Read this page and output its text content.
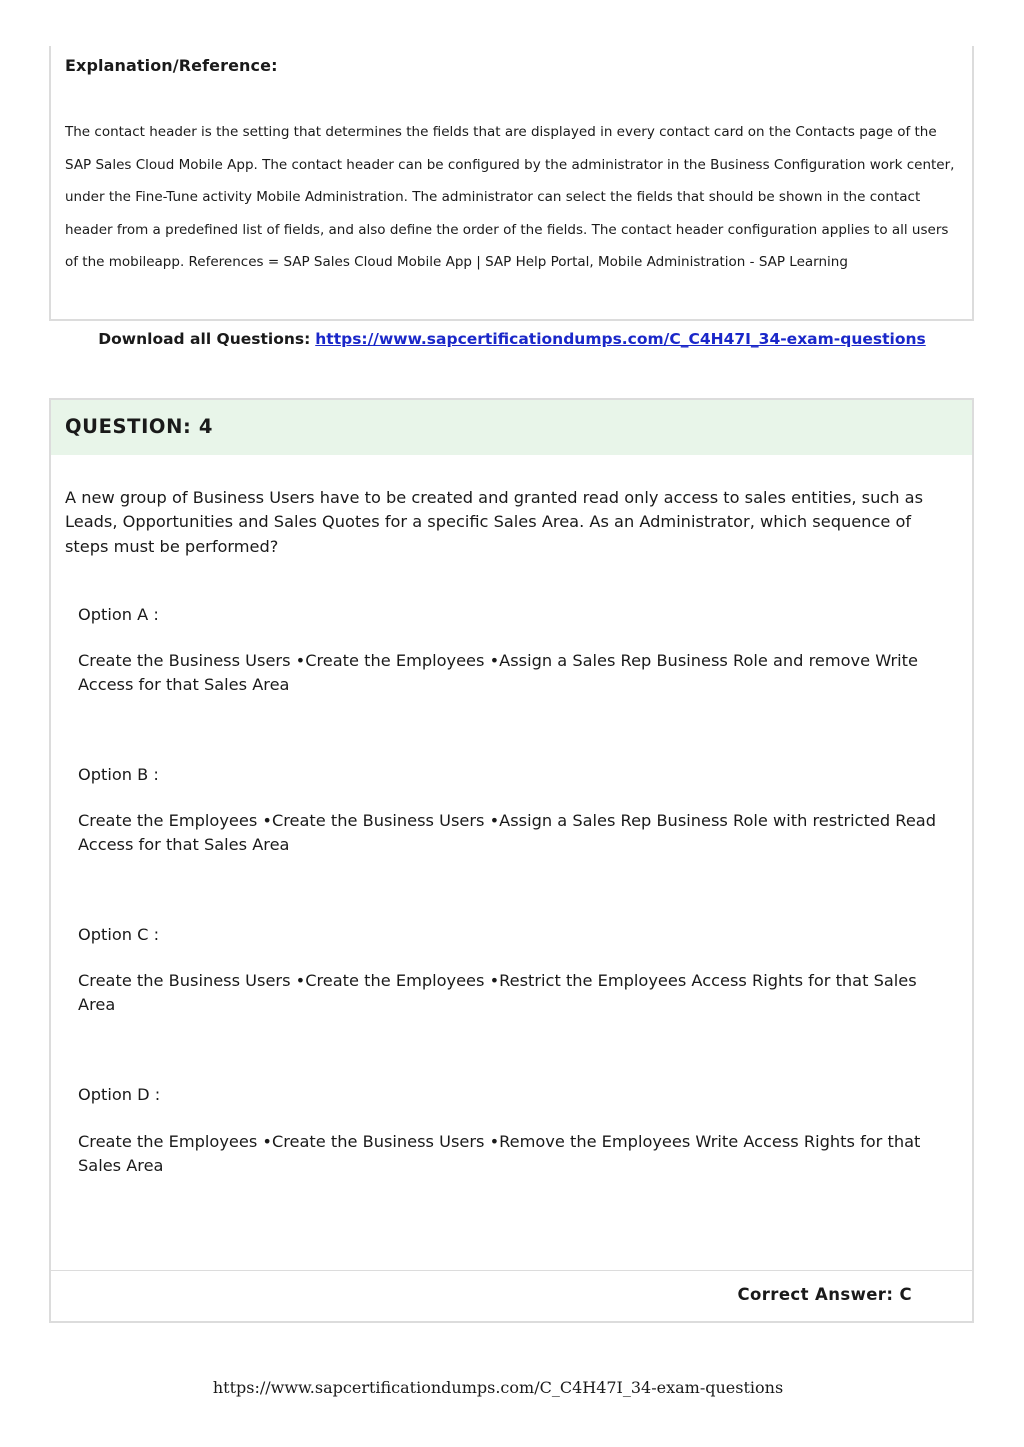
Explanation/Reference:
The contact header is the setting that determines the fields that are displayed in every contact card on the Contacts page of the SAP Sales Cloud Mobile App. The contact header can be configured by the administrator in the Business Configuration work center, under the Fine-Tune activity Mobile Administration. The administrator can select the fields that should be shown in the contact header from a predefined list of fields, and also define the order of the fields. The contact header configuration applies to all users of the mobileapp. References = SAP Sales Cloud Mobile App | SAP Help Portal, Mobile Administration - SAP Learning
Download all Questions: https://www.sapcertificationdumps.com/C_C4H47I_34-exam-questions
QUESTION: 4
A new group of Business Users have to be created and granted read only access to sales entities, such as Leads, Opportunities and Sales Quotes for a specific Sales Area. As an Administrator, which sequence of steps must be performed?
Option A :
Create the Business Users •Create the Employees •Assign a Sales Rep Business Role and remove Write Access for that Sales Area
Option B :
Create the Employees •Create the Business Users •Assign a Sales Rep Business Role with restricted Read Access for that Sales Area
Option C :
Create the Business Users •Create the Employees •Restrict the Employees Access Rights for that Sales Area
Option D :
Create the Employees •Create the Business Users •Remove the Employees Write Access Rights for that Sales Area
Correct Answer: C
https://www.sapcertificationdumps.com/C_C4H47I_34-exam-questions
